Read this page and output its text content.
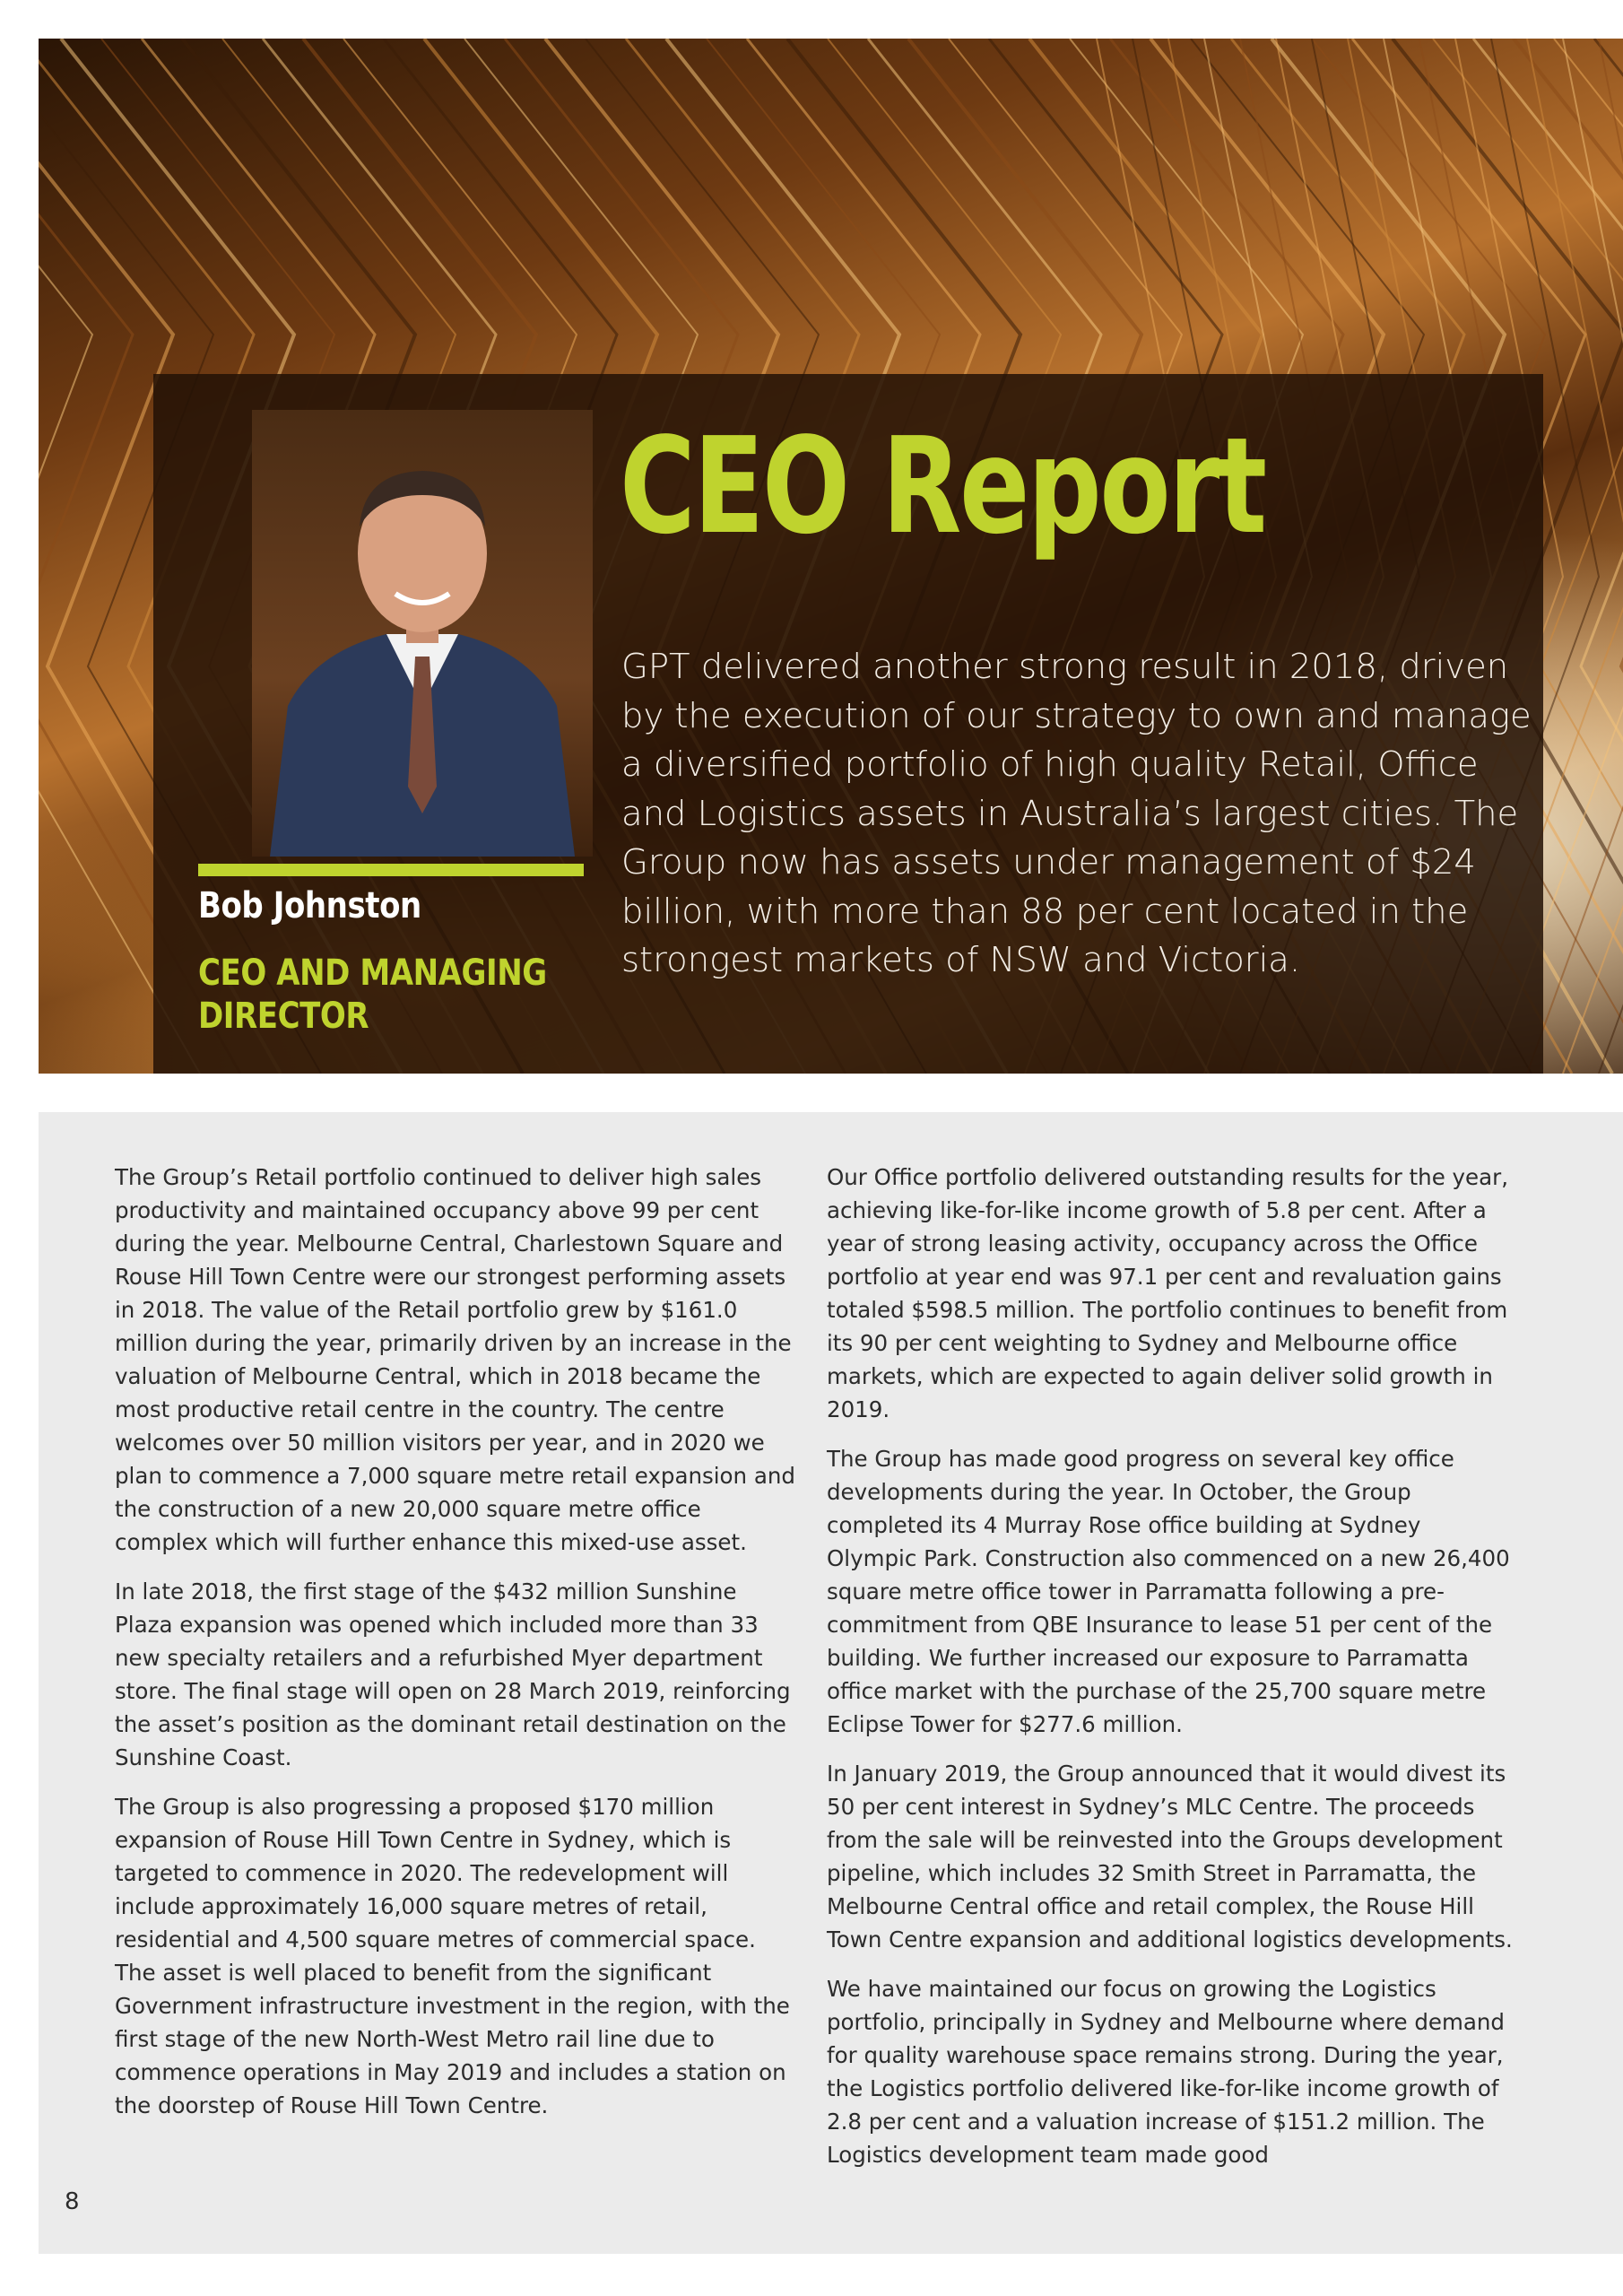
Bob Johnston
CEO AND MANAGING DIRECTOR
CEO Report
GPT delivered another strong result in 2018, driven by the execution of our strategy to own and manage a diversified portfolio of high quality Retail, Office and Logistics assets in Australia’s largest cities. The Group now has assets under management of $24 billion, with more than 88 per cent located in the strongest markets of NSW and Victoria.

The Group’s Retail portfolio continued to deliver high sales productivity and maintained occupancy above 99 per cent during the year. Melbourne Central, Charlestown Square and Rouse Hill Town Centre were our strongest performing assets in 2018. The value of the Retail portfolio grew by $161.0 million during the year, primarily driven by an increase in the valuation of Melbourne Central, which in 2018 became the most productive retail centre in the country. The centre welcomes over 50 million visitors per year, and in 2020 we plan to commence a 7,000 square metre retail expansion and the construction of a new 20,000 square metre office complex which will further enhance this mixed-use asset.

In late 2018, the first stage of the $432 million Sunshine Plaza expansion was opened which included more than 33 new specialty retailers and a refurbished Myer department store. The final stage will open on 28 March 2019, reinforcing the asset’s position as the dominant retail destination on the Sunshine Coast.

The Group is also progressing a proposed $170 million expansion of Rouse Hill Town Centre in Sydney, which is targeted to commence in 2020. The redevelopment will include approximately 16,000 square metres of retail, residential and 4,500 square metres of commercial space. The asset is well placed to benefit from the significant Government infrastructure investment in the region, with the first stage of the new North-West Metro rail line due to commence operations in May 2019 and includes a station on the doorstep of Rouse Hill Town Centre.

Our Office portfolio delivered outstanding results for the year, achieving like-for-like income growth of 5.8 per cent. After a year of strong leasing activity, occupancy across the Office portfolio at year end was 97.1 per cent and revaluation gains totaled $598.5 million. The portfolio continues to benefit from its 90 per cent weighting to Sydney and Melbourne office markets, which are expected to again deliver solid growth in 2019.

The Group has made good progress on several key office developments during the year. In October, the Group completed its 4 Murray Rose office building at Sydney Olympic Park. Construction also commenced on a new 26,400 square metre office tower in Parramatta following a pre-commitment from QBE Insurance to lease 51 per cent of the building. We further increased our exposure to Parramatta office market with the purchase of the 25,700 square metre Eclipse Tower for $277.6 million.

In January 2019, the Group announced that it would divest its 50 per cent interest in Sydney’s MLC Centre. The proceeds from the sale will be reinvested into the Groups development pipeline, which includes 32 Smith Street in Parramatta, the Melbourne Central office and retail complex, the Rouse Hill Town Centre expansion and additional logistics developments.

We have maintained our focus on growing the Logistics portfolio, principally in Sydney and Melbourne where demand for quality warehouse space remains strong. During the year, the Logistics portfolio delivered like-for-like income growth of 2.8 per cent and a valuation increase of $151.2 million. The Logistics development team made good

8
